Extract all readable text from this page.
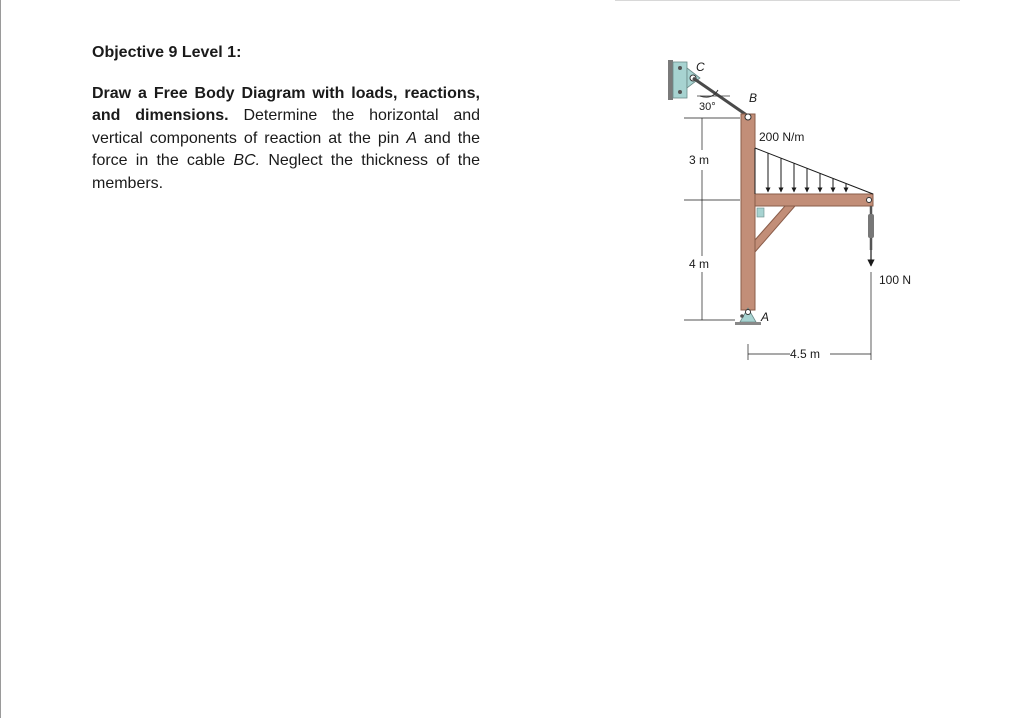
Objective 9 Level 1:
Draw a Free Body Diagram with loads, reactions, and dimensions. Determine the horizontal and vertical components of reaction at the pin A and the force in the cable BC. Neglect the thickness of the members.
C
B
A
30°
200 N/m
3 m
4 m
4.5 m
100 N
